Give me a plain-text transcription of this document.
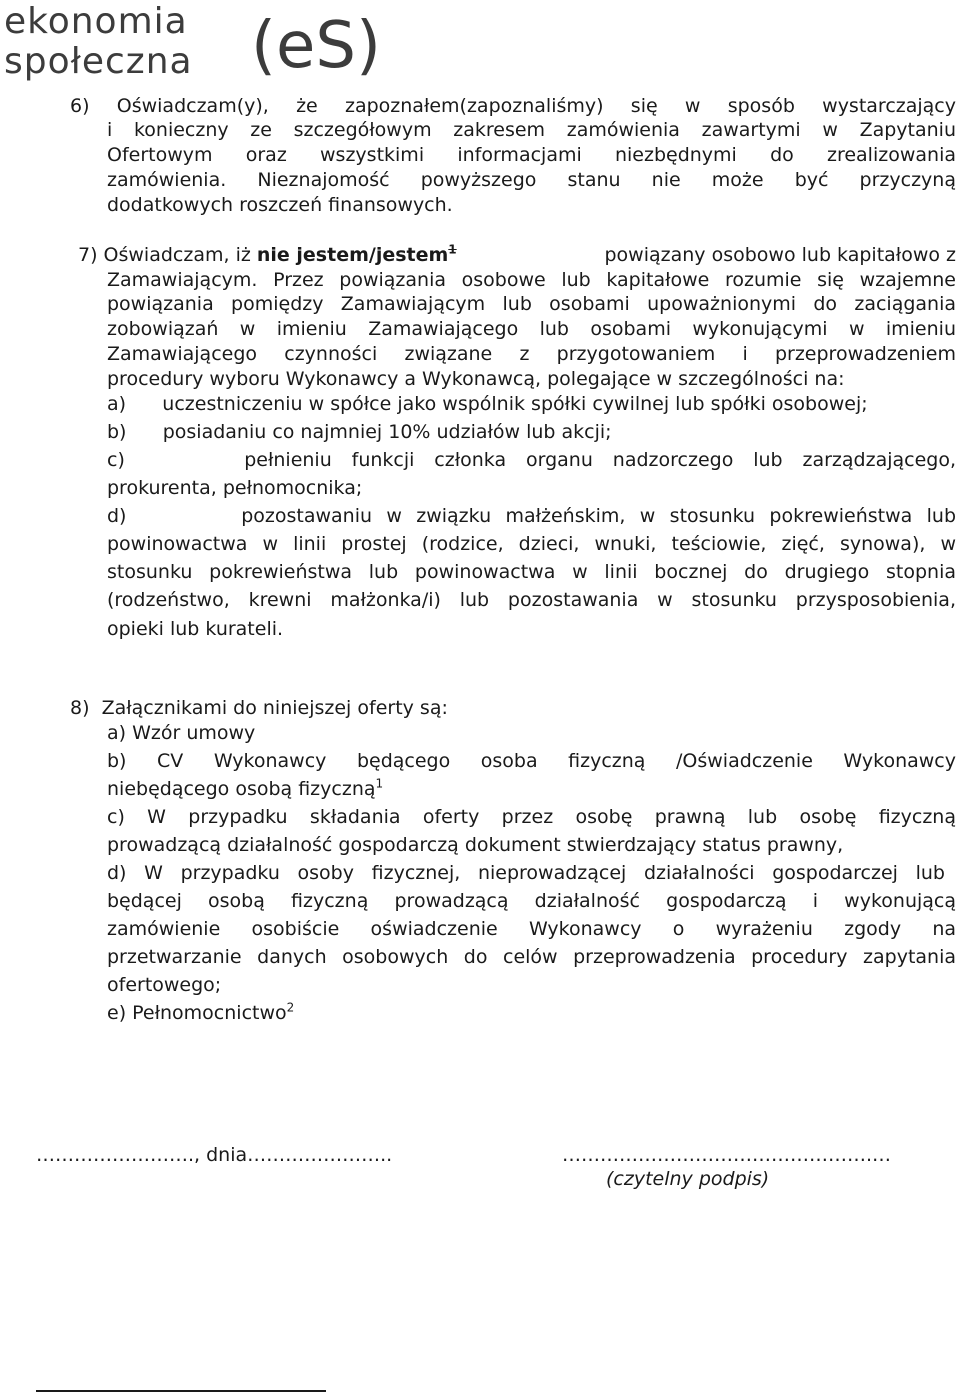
ekonomia
społeczna (eS)
6) Oświadczam(y), że zapoznałem(zapoznaliśmy) się w sposób wystarczający
i konieczny ze szczegółowym zakresem zamówienia zawartymi w Zapytaniu
Ofertowym oraz wszystkimi informacjami niezbędnymi do zrealizowania
zamówienia. Nieznajomość powyższego stanu nie może być przyczyną
dodatkowych roszczeń finansowych.
7) Oświadczam, iż nie jestem/jestem$^1$	powiązany osobowo lub kapitałowo z
Zamawiającym. Przez powiązania osobowe lub kapitałowe rozumie się wzajemne
powiązania pomiędzy Zamawiającym lub osobami upoważnionymi do zaciągania
zobowiązań w imieniu Zamawiającego lub osobami wykonującymi w imieniu
Zamawiającego czynności związane z przygotowaniem i przeprowadzeniem
procedury wyboru Wykonawcy a Wykonawcą, polegające w szczególności na:
a)      uczestniczeniu w spółce jako wspólnik spółki cywilnej lub spółki osobowej;
b)      posiadaniu co najmniej 10% udziałów lub akcji;
c)      pełnieniu funkcji członka organu nadzorczego lub zarządzającego,
prokurenta, pełnomocnika;
d)        pozostawaniu w związku małżeńskim, w stosunku pokrewieństwa lub
powinowactwa w linii prostej (rodzice, dzieci, wnuki, teściowie, zięć, synowa), w
stosunku pokrewieństwa lub powinowactwa w linii bocznej do drugiego stopnia
(rodzeństwo, krewni małżonka/i) lub pozostawania w stosunku przysposobienia,
opieki lub kurateli.
8)  Załącznikami do niniejszej oferty są:
a) Wzór umowy
b) CV Wykonawcy będącego osoba fizyczną /Oświadczenie Wykonawcy
niebędącego osobą fizyczną$^1$
c) W przypadku składania oferty przez osobę prawną lub osobę fizyczną
prowadzącą działalność gospodarczą dokument stwierdzający status prawny,
d) W przypadku osoby fizycznej, nieprowadzącej działalności gospodarczej lub
będącej osobą fizyczną prowadzącą działalność gospodarczą i wykonującą
zamówienie osobiście oświadczenie Wykonawcy o wyrażeniu zgody na
przetwarzanie danych osobowych do celów przeprowadzenia procedury zapytania
ofertowego;
e) Pełnomocnictwo$^2$
……………………., dnia…………………..	………………………………………….…
(czytelny podpis)
